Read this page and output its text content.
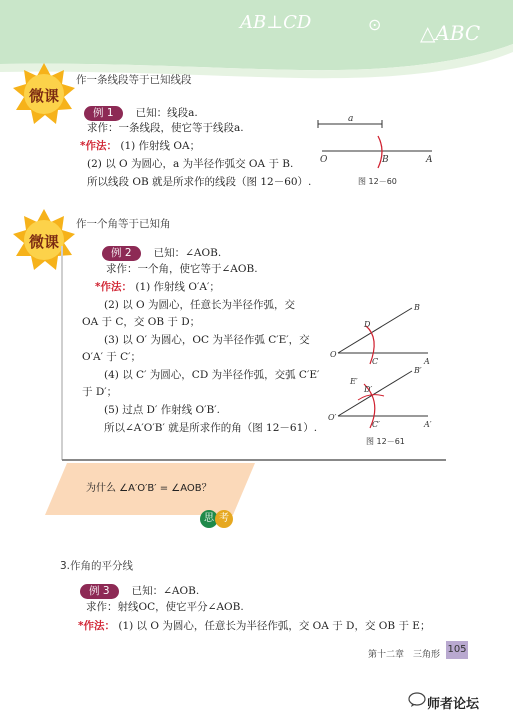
AB⊥CD	⊙ △ABC
微课
作一条线段等于已知线段
例 1 已知：线段a.
求作：一条线段，使它等于线段a.
*作法： (1) 作射线 OA；
(2) 以 O 为圆心，a 为半径作弧交 OA 于 B.
所以线段 OB 就是所求作的线段（图 12－60）.
a
O	B	A
图 12－60
微课
作一个角等于已知角
例 2 已知：∠AOB.
求作：一个角，使它等于∠AOB.
*作法： (1) 作射线 O′A′；
(2) 以 O 为圆心，任意长为半径作弧，交
OA 于 C，交 OB 于 D；
(3) 以 O′ 为圆心，OC 为半径作弧 C′E′，交
O′A′ 于 C′；
(4) 以 C′ 为圆心，CD 为半径作弧，交弧 C′E′
于 D′；
(5) 过点 D′ 作射线 O′B′.
所以∠A′O′B′ 就是所求作的角（图 12－61）.
B
D
O
C	A
B′
E′
D′
O′
C′	A′
图 12－61
为什么 ∠A′O′B′ = ∠AOB？
思 考
3.作角的平分线
例 3 已知：∠AOB.
求作：射线OC，使它平分∠AOB.
*作法： (1) 以 O 为圆心，任意长为半径作弧，交 OA 于 D，交 OB 于 E；
第十二章　三角形 105
师者论坛
